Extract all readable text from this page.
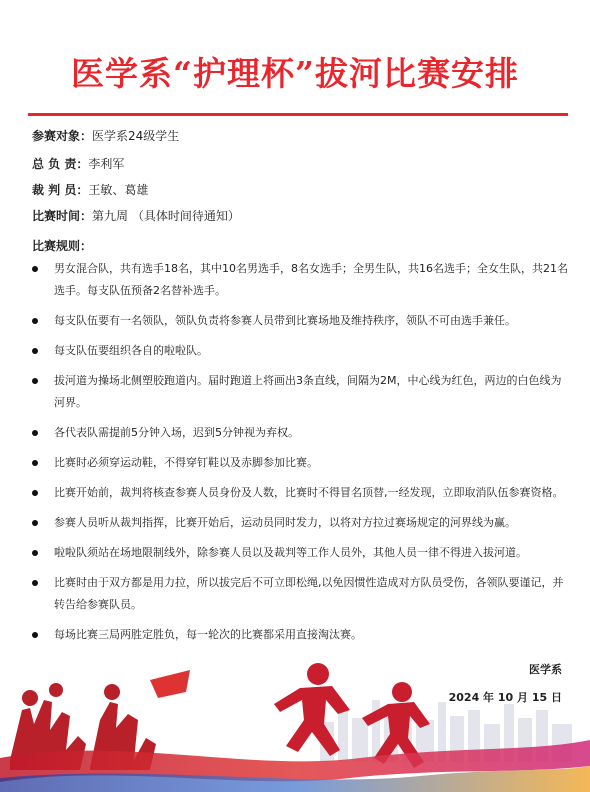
医学系“护理杯”拔河比赛安排
参赛对象：医学系24级学生
总 负 责：李利军
裁 判 员：王敏、葛雄
比赛时间：第九周 （具体时间待通知）
比赛规则：
男女混合队，共有选手18名，其中10名男选手，8名女选手；全男生队，共16名选手；全女生队，共21名选手。每支队伍预备2名替补选手。
每支队伍要有一名领队，领队负责将参赛人员带到比赛场地及维持秩序，领队不可由选手兼任。
每支队伍要组织各自的啦啦队。
拔河道为操场北侧塑胶跑道内。届时跑道上将画出3条直线，间隔为2M，中心线为红色，两边的白色线为河界。
各代表队需提前5分钟入场，迟到5分钟视为弃权。
比赛时必须穿运动鞋，不得穿钉鞋以及赤脚参加比赛。
比赛开始前，裁判将核查参赛人员身份及人数，比赛时不得冒名顶替,一经发现，立即取消队伍参赛资格。
参赛人员听从裁判指挥，比赛开始后，运动员同时发力，以将对方拉过赛场规定的河界线为赢。
啦啦队须站在场地限制线外，除参赛人员以及裁判等工作人员外，其他人员一律不得进入拔河道。
比赛时由于双方都是用力拉，所以拔完后不可立即松绳,以免因惯性造成对方队员受伤，各领队要谨记，并转告给参赛队员。
每场比赛三局两胜定胜负，每一轮次的比赛都采用直接淘汰赛。
医学系
2024 年 10 月 15 日
